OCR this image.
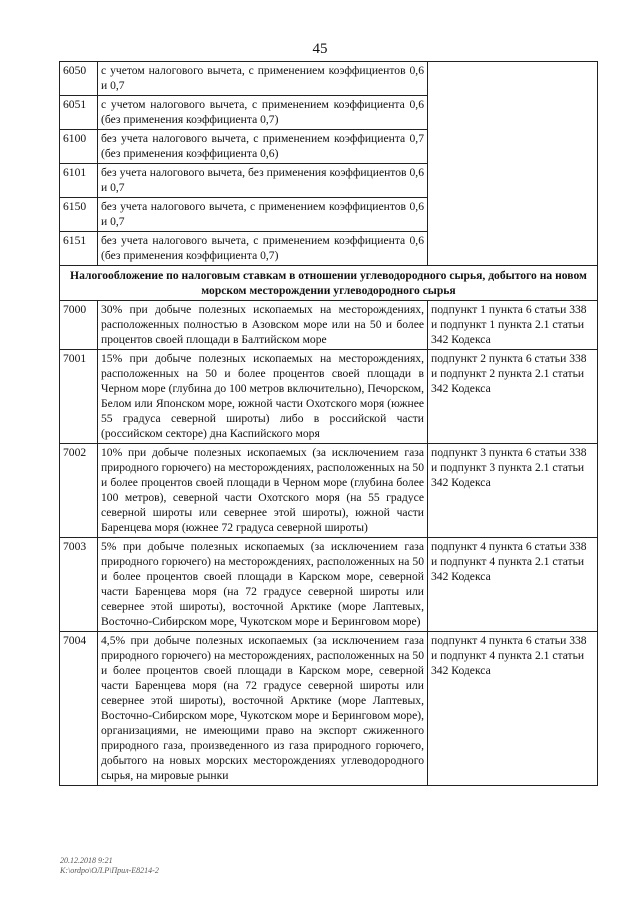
45
6050	с учетом налогового вычета, с применением коэффициентов 0,6 и 0,7	
6051	с учетом налогового вычета, с применением коэффициента 0,6 (без применения коэффициента 0,7)	
6100	без учета налогового вычета, с применением коэффициента 0,7 (без применения коэффициента 0,6)	
6101	без учета налогового вычета, без применения коэффициентов 0,6 и 0,7	
6150	без учета налогового вычета, с применением коэффициентов 0,6 и 0,7	
6151	без учета налогового вычета, с применением коэффициента 0,6 (без применения коэффициента 0,7)	
Налогообложение по налоговым ставкам в отношении углеводородного сырья, добытого на новом морском месторождении углеводородного сырья		
7000	30% при добыче полезных ископаемых на месторождениях, расположенных полностью в Азовском море или на 50 и более процентов своей площади в Балтийском море	подпункт 1 пункта 6 статьи 338 и подпункт 1 пункта 2.1 статьи 342 Кодекса
7001	15% при добыче полезных ископаемых на месторождениях, расположенных на 50 и более процентов своей площади в Черном море (глубина до 100 метров включительно), Печорском, Белом или Японском море, южной части Охотского моря (южнее 55 градуса северной широты) либо в российской части (российском секторе) дна Каспийского моря	подпункт 2 пункта 6 статьи 338 и подпункт 2 пункта 2.1 статьи 342 Кодекса
7002	10% при добыче полезных ископаемых (за исключением газа природного горючего) на месторождениях, расположенных на 50 и более процентов своей площади в Черном море (глубина более 100 метров), северной части Охотского моря (на 55 градусе северной широты или севернее этой широты), южной части Баренцева моря (южнее 72 градуса северной широты)	подпункт 3 пункта 6 статьи 338 и подпункт 3 пункта 2.1 статьи 342 Кодекса
7003	5% при добыче полезных ископаемых (за исключением газа природного горючего) на месторождениях, расположенных на 50 и более процентов своей площади в Карском море, северной части Баренцева моря (на 72 градусе северной широты или севернее этой широты), восточной Арктике (море Лаптевых, Восточно-Сибирском море, Чукотском море и Беринговом море)	подпункт 4 пункта 6 статьи 338 и подпункт 4 пункта 2.1 статьи 342 Кодекса
7004	4,5% при добыче полезных ископаемых (за исключением газа природного горючего) на месторождениях, расположенных на 50 и более процентов своей площади в Карском море, северной части Баренцева моря (на 72 градусе северной широты или севернее этой широты), восточной Арктике (море Лаптевых, Восточно-Сибирском море, Чукотском море и Беринговом море), организациями, не имеющими право на экспорт сжиженного природного газа, произведенного из газа природного горючего, добытого на новых морских месторождениях углеводородного сырья, на мировые рынки	подпункт 4 пункта 6 статьи 338 и подпункт 4 пункта 2.1 статьи 342 Кодекса
20.12.2018 9:21
К:\ordpo\ОЛ.Р\Прил-Е8214-2
